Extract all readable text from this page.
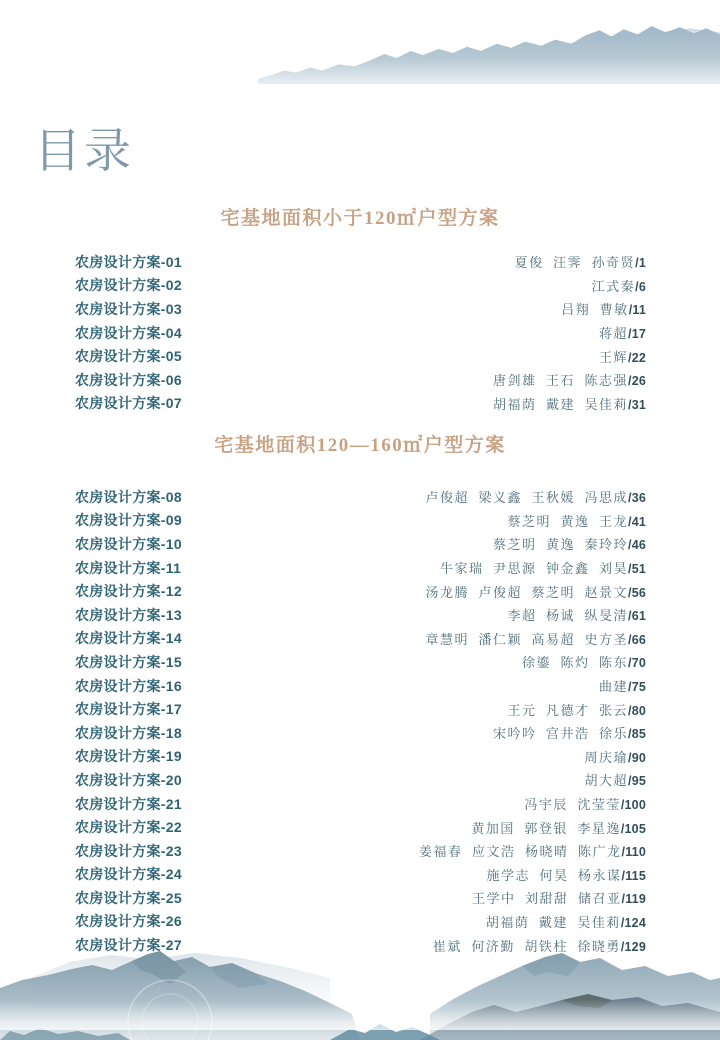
目录
宅基地面积小于120㎡户型方案
农房设计方案-01	夏俊  汪霁  孙奇贤 /1
农房设计方案-02	江式秦 /6
农房设计方案-03	吕翔  曹敏 /11
农房设计方案-04	蒋超 /17
农房设计方案-05	王辉 /22
农房设计方案-06	唐剑雄  王石  陈志强 /26
农房设计方案-07	胡福荫  戴建  吴佳莉 /31
宅基地面积120—160㎡户型方案
农房设计方案-08	卢俊超  梁义鑫  王秋媛  冯思成 /36
农房设计方案-09	蔡芝明  黄逸  王龙 /41
农房设计方案-10	蔡芝明  黄逸  秦玲玲 /46
农房设计方案-11	牛家瑞  尹思源  钟金鑫  刘昊 /51
农房设计方案-12	汤龙腾  卢俊超  蔡芝明  赵景文 /56
农房设计方案-13	李超  杨诚  纵旻清 /61
农房设计方案-14	章慧明  潘仁颖  高易超  史方圣 /66
农房设计方案-15	徐鎏  陈灼  陈东 /70
农房设计方案-16	曲建 /75
农房设计方案-17	王元  凡德才  张云 /80
农房设计方案-18	宋吟吟  宫井浩  徐乐 /85
农房设计方案-19	周庆瑜 /90
农房设计方案-20	胡大超 /95
农房设计方案-21	冯宇辰  沈莹莹 /100
农房设计方案-22	黄加国  郭登银  李星逸 /105
农房设计方案-23	姜福春  应文浩  杨晓晴  陈广龙 /110
农房设计方案-24	施学志  何昊  杨永谋 /115
农房设计方案-25	王学中  刘甜甜  储召亚 /119
农房设计方案-26	胡福荫  戴建  吴佳莉 /124
农房设计方案-27	崔斌  何济勤  胡铁柱  徐晓勇 /129
